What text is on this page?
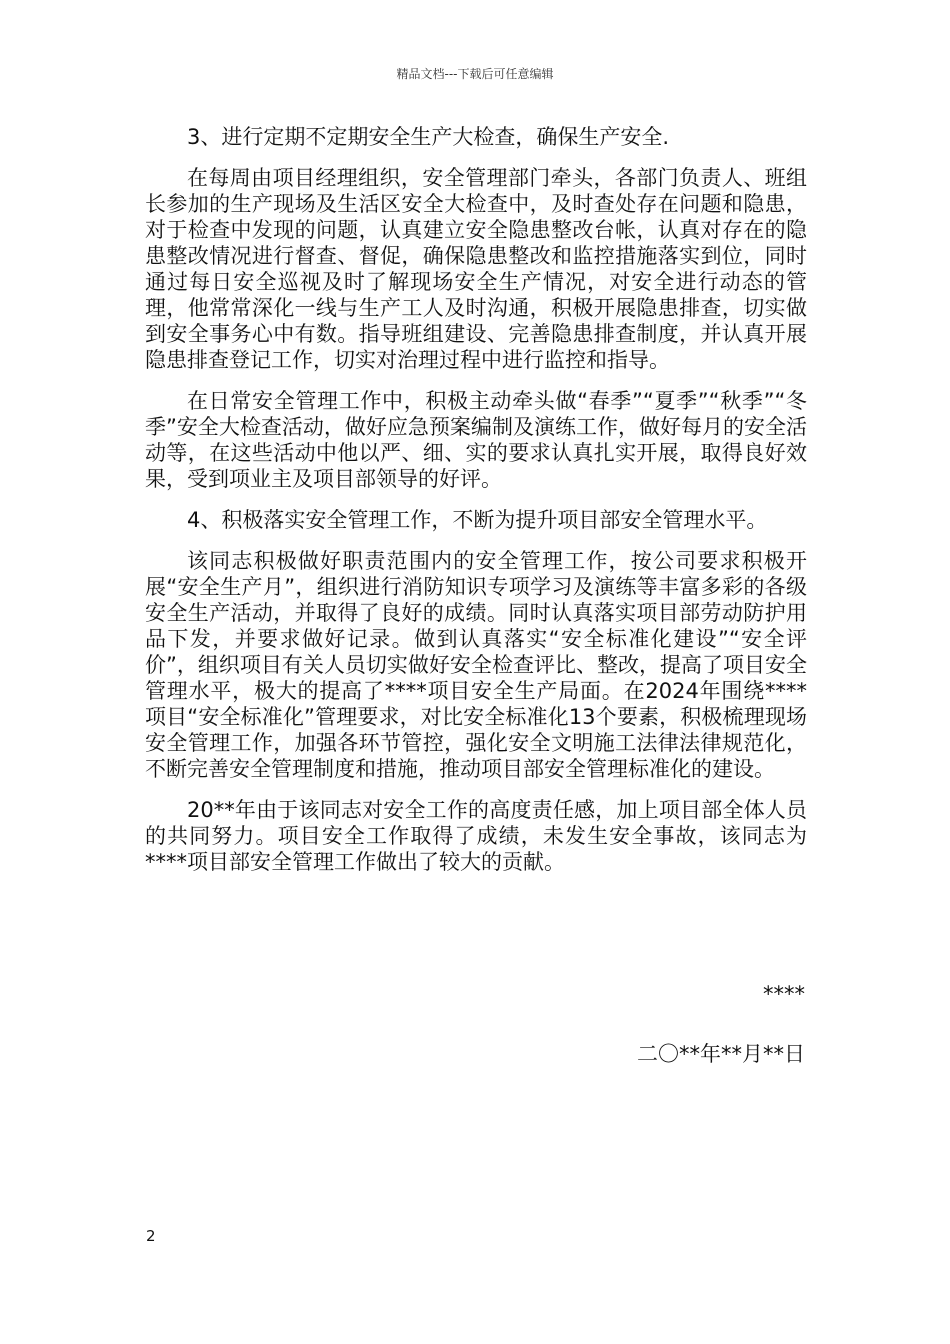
精品文档---下载后可任意编辑

3、进行定期不定期安全生产大检查，确保生产安全.

在每周由项目经理组织，安全管理部门牵头，各部门负责人、班组长参加的生产现场及生活区安全大检查中，及时查处存在问题和隐患，对于检查中发现的问题，认真建立安全隐患整改台帐，认真对存在的隐患整改情况进行督查、督促，确保隐患整改和监控措施落实到位，同时通过每日安全巡视及时了解现场安全生产情况，对安全进行动态的管理，他常常深化一线与生产工人及时沟通，积极开展隐患排查，切实做到安全事务心中有数。指导班组建设、完善隐患排查制度，并认真开展隐患排查登记工作，切实对治理过程中进行监控和指导。

在日常安全管理工作中，积极主动牵头做“春季”“夏季”“秋季”“冬季”安全大检查活动，做好应急预案编制及演练工作，做好每月的安全活动等，在这些活动中他以严、细、实的要求认真扎实开展，取得良好效果，受到项业主及项目部领导的好评。

4、积极落实安全管理工作，不断为提升项目部安全管理水平。

该同志积极做好职责范围内的安全管理工作，按公司要求积极开展“安全生产月”，组织进行消防知识专项学习及演练等丰富多彩的各级安全生产活动，并取得了良好的成绩。同时认真落实项目部劳动防护用品下发，并要求做好记录。做到认真落实“安全标准化建设”“安全评价”，组织项目有关人员切实做好安全检查评比、整改，提高了项目安全管理水平，极大的提高了****项目安全生产局面。在2024年围绕****项目“安全标准化”管理要求，对比安全标准化13个要素，积极梳理现场安全管理工作，加强各环节管控，强化安全文明施工法律法律规范化，不断完善安全管理制度和措施，推动项目部安全管理标准化的建设。

20**年由于该同志对安全工作的高度责任感，加上项目部全体人员的共同努力。项目安全工作取得了成绩，未发生安全事故，该同志为****项目部安全管理工作做出了较大的贡献。

****
二〇**年**月**日
2
